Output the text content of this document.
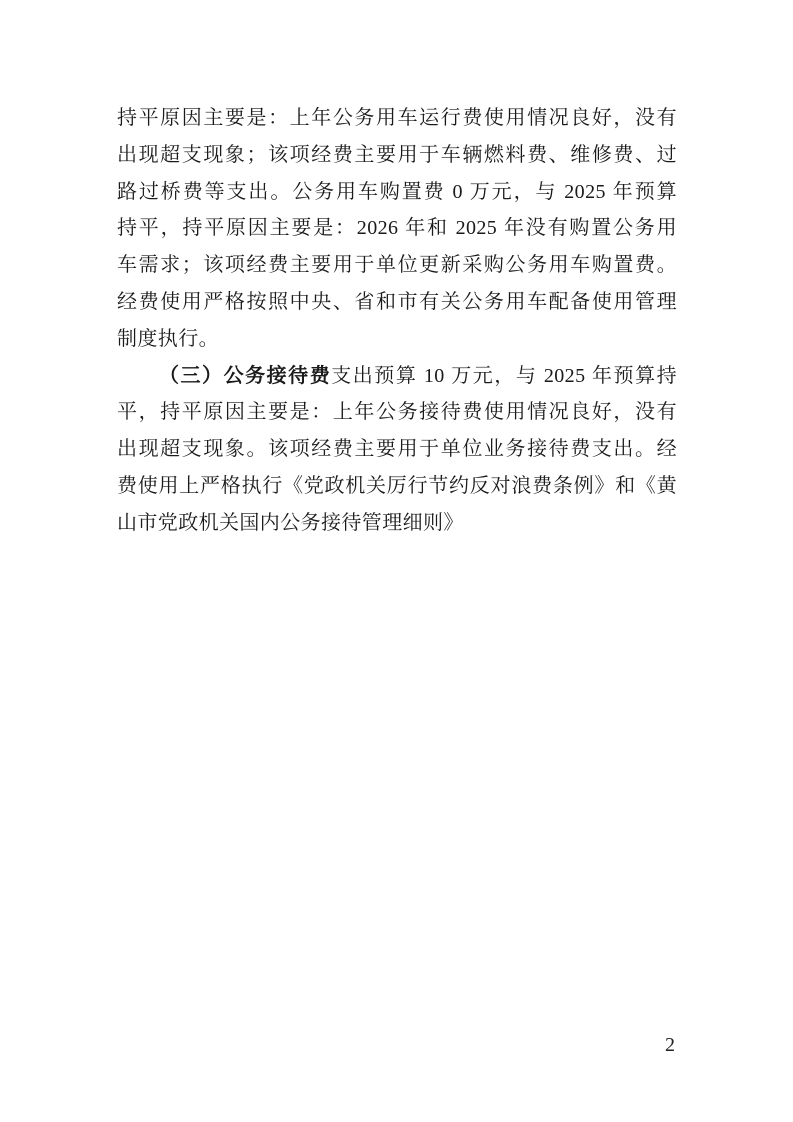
持平原因主要是：上年公务用车运行费使用情况良好，没有
出现超支现象；该项经费主要用于车辆燃料费、维修费、过
路过桥费等支出。公务用车购置费 0 万元，与 2025 年预算
持平，持平原因主要是：2026 年和 2025 年没有购置公务用
车需求；该项经费主要用于单位更新采购公务用车购置费。
经费使用严格按照中央、省和市有关公务用车配备使用管理
制度执行。
（三）公务接待费支出预算 10 万元，与 2025 年预算持
平，持平原因主要是：上年公务接待费使用情况良好，没有
出现超支现象。该项经费主要用于单位业务接待费支出。经
费使用上严格执行《党政机关厉行节约反对浪费条例》和《黄
山市党政机关国内公务接待管理细则》
2
